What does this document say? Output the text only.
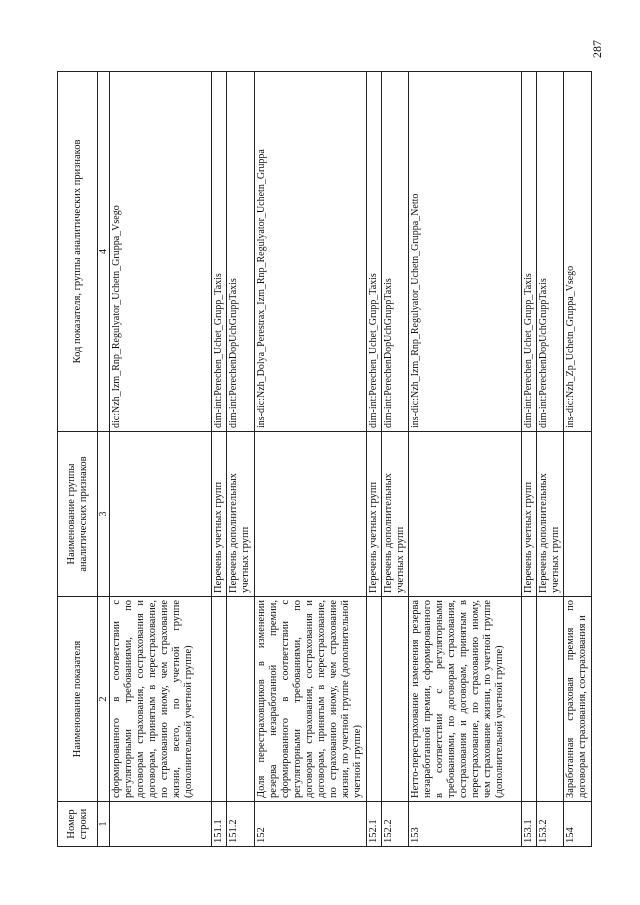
287
Номер строки	Наименование показателя	Наименование группы аналитических признаков	Код показателя, группы аналитических признаков
1	2	3	4
	сформированного в соответствии с регуляторными требованиями, по договорам страхования, сострахования и договорам, принятым в перестрахование, по страхованию иному, чем страхование жизни, всего, по учетной группе (дополнительной учетной группе)		dic:Nzh_Izm_Rnp_Regulyator_Uchetn_Gruppa_Vsego
151.1		Перечень учетных групп	dim-int:Perechen_Uchet_Grupp_Taxis
151.2		Перечень дополнительных учетных групп	dim-int:PerechenDopUchGruppTaxis
152	Доля перестраховщиков в изменении резерва незаработанной премии, сформированного в соответствии с регуляторными требованиями, по договорам страхования, сострахования и договорам, принятым в перестрахование, по страхованию иному, чем страхование жизни, по учетной группе (дополнительной учетной группе)		ins-dic:Nzh_Dolya_Perestrax_Izm_Rnp_Regulyator_Uchetn_Gruppa
152.1		Перечень учетных групп	dim-int:Perechen_Uchet_Grupp_Taxis
152.2		Перечень дополнительных учетных групп	dim-int:PerechenDopUchGruppTaxis
153	Нетто-перестрахование изменения резерва незаработанной премии, сформированного в соответствии с регуляторными требованиями, по договорам страхования, сострахования и договорам, принятым в перестрахование, по страхованию иному, чем страхование жизни, по учетной группе (дополнительной учетной группе)		ins-dic:Nzh_Izm_Rnp_Regulyator_Uchetn_Gruppa_Netto
153.1		Перечень учетных групп	dim-int:Perechen_Uchet_Grupp_Taxis
153.2		Перечень дополнительных учетных групп	dim-int:PerechenDopUchGruppTaxis
154	Заработанная страховая премия по договорам страхования, сострахования и		ins-dic:Nzh_Zp_Uchetn_Gruppa_Vsego
